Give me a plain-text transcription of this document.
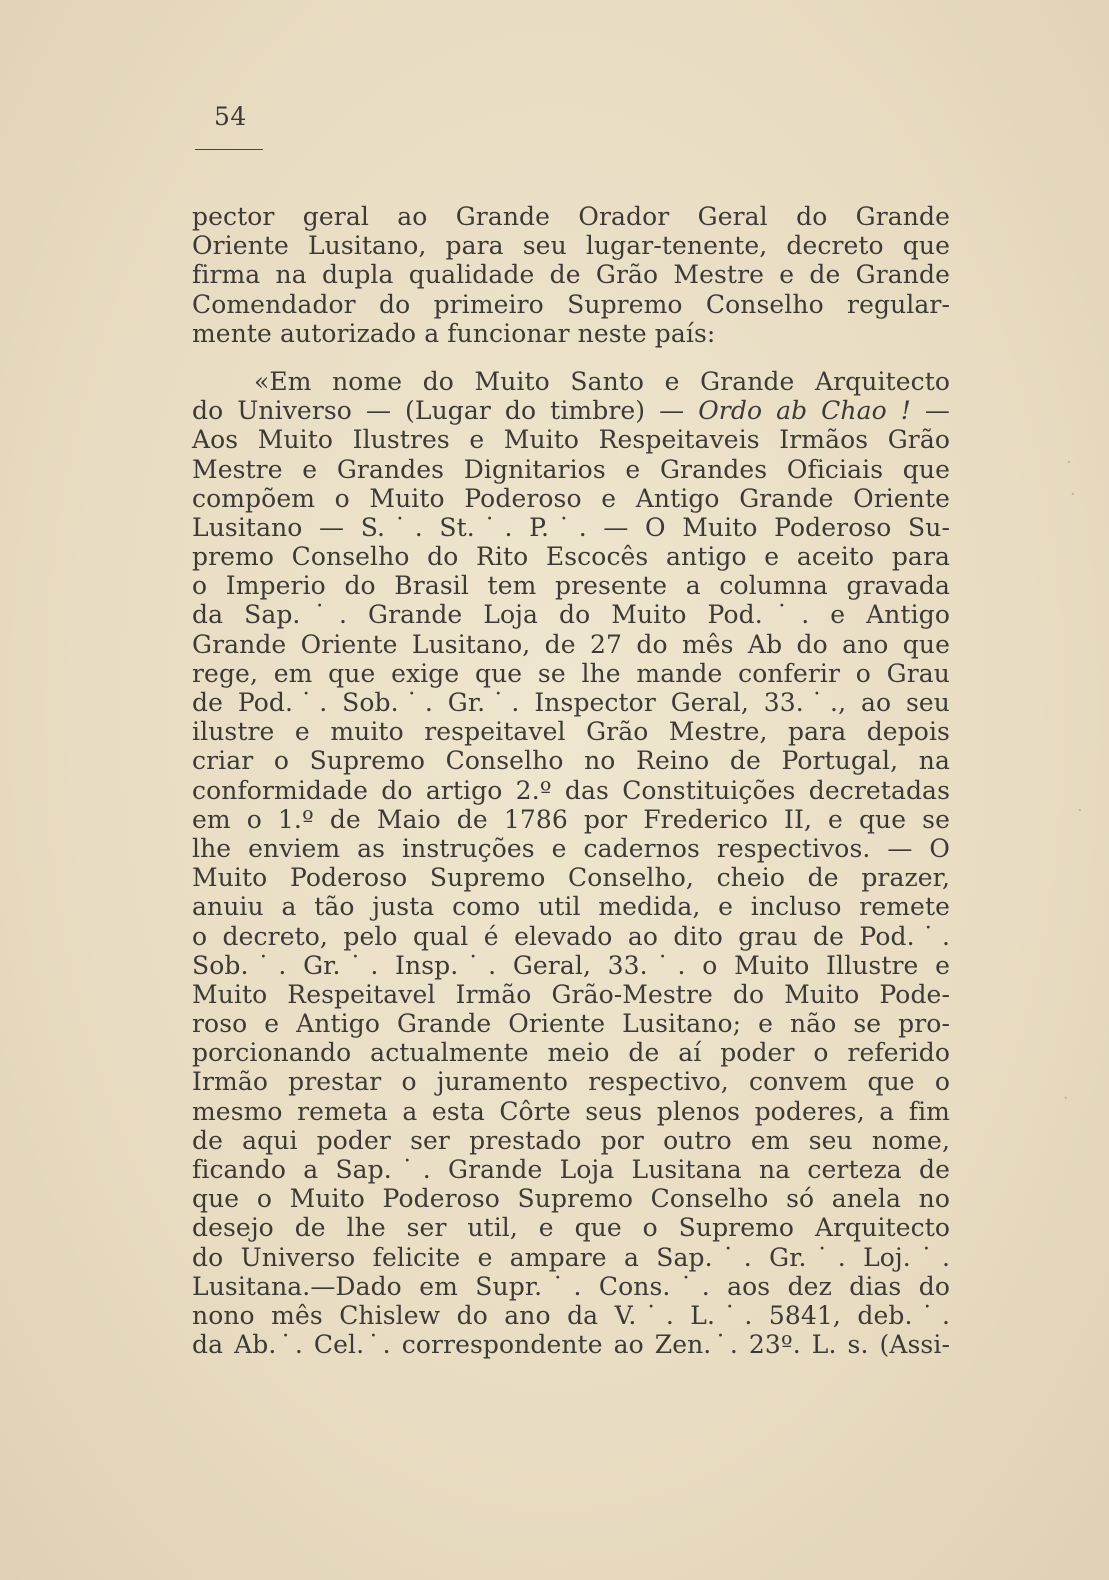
54
pector geral ao Grande Orador Geral do Grande
Oriente Lusitano, para seu lugar-tenente, decreto que
firma na dupla qualidade de Grão Mestre e de Grande
Comendador do primeiro Supremo Conselho regular-
mente autorizado a funcionar neste país:
«Em nome do Muito Santo e Grande Arquitecto
do Universo — (Lugar do timbre) — Ordo ab Chao ! —
Aos Muito Ilustres e Muito Respeitaveis Irmãos Grão
Mestre e Grandes Dignitarios e Grandes Oficiais que
compõem o Muito Poderoso e Antigo Grande Oriente
Lusitano — S.˙. St.˙. P.˙. — O Muito Poderoso Su-
premo Conselho do Rito Escocês antigo e aceito para
o Imperio do Brasil tem presente a columna gravada
da Sap.˙. Grande Loja do Muito Pod.˙. e Antigo
Grande Oriente Lusitano, de 27 do mês Ab do ano que
rege, em que exige que se lhe mande conferir o Grau
de Pod.˙. Sob.˙. Gr.˙. Inspector Geral, 33.˙., ao seu
ilustre e muito respeitavel Grão Mestre, para depois
criar o Supremo Conselho no Reino de Portugal, na
conformidade do artigo 2.º das Constituições decretadas
em o 1.º de Maio de 1786 por Frederico II, e que se
lhe enviem as instruções e cadernos respectivos. — O
Muito Poderoso Supremo Conselho, cheio de prazer,
anuiu a tão justa como util medida, e incluso remete
o decreto, pelo qual é elevado ao dito grau de Pod.˙.
Sob.˙. Gr.˙. Insp.˙. Geral, 33.˙. o Muito Illustre e
Muito Respeitavel Irmão Grão-Mestre do Muito Pode-
roso e Antigo Grande Oriente Lusitano; e não se pro-
porcionando actualmente meio de aí poder o referido
Irmão prestar o juramento respectivo, convem que o
mesmo remeta a esta Côrte seus plenos poderes, a fim
de aqui poder ser prestado por outro em seu nome,
ficando a Sap.˙. Grande Loja Lusitana na certeza de
que o Muito Poderoso Supremo Conselho só anela no
desejo de lhe ser util, e que o Supremo Arquitecto
do Universo felicite e ampare a Sap.˙. Gr.˙. Loj.˙.
Lusitana.—Dado em Supr.˙. Cons.˙. aos dez dias do
nono mês Chislew do ano da V.˙. L.˙. 5841, deb.˙.
da Ab.˙. Cel.˙. correspondente ao Zen.˙. 23º. L. s. (Assi-
·
·
·
·
